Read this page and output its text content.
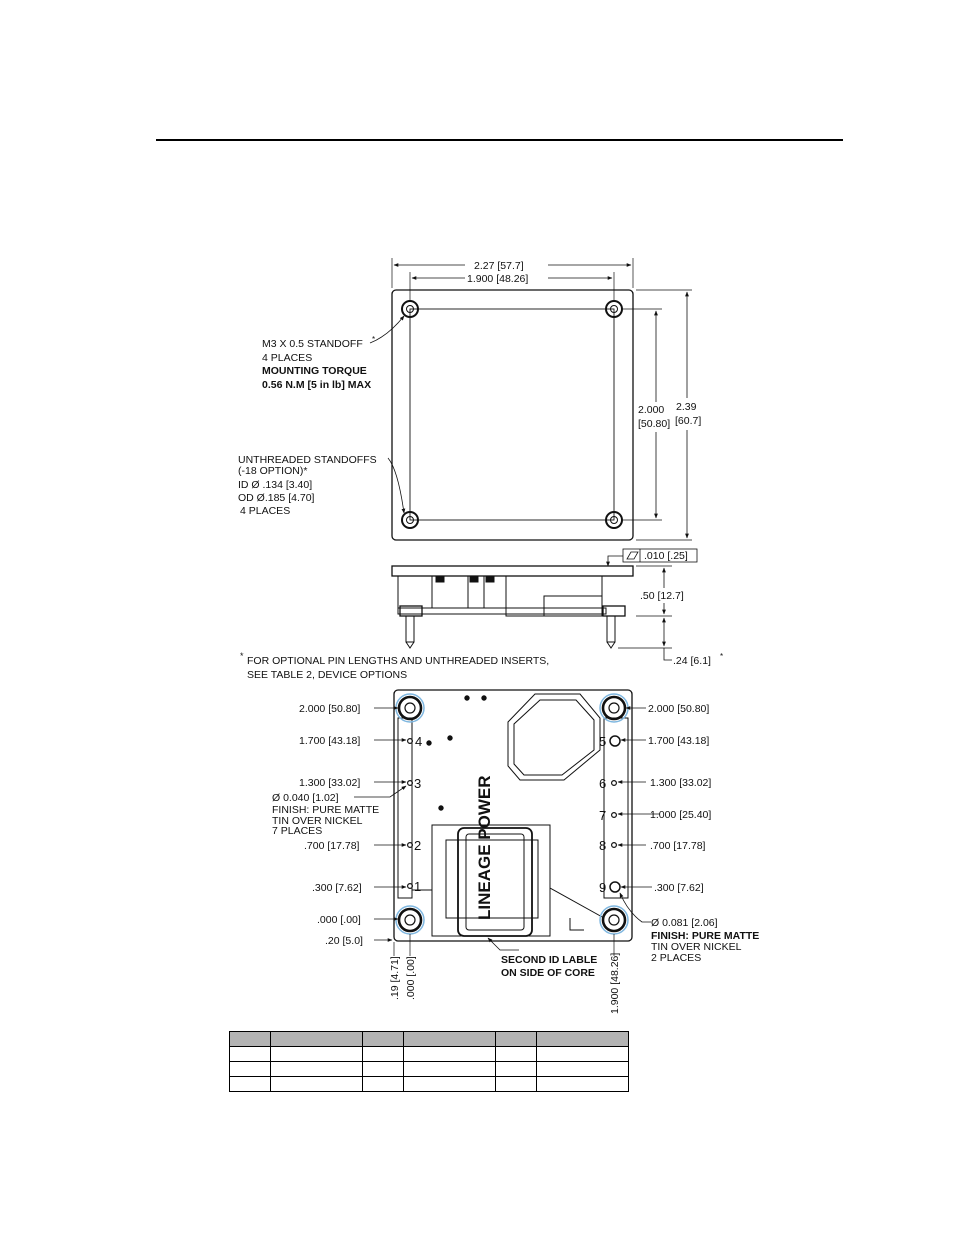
2.27 [57.7]
1.900 [48.26]
2.000
[50.80]
2.39
[60.7]
M3 X 0.5 STANDOFF *
4 PLACES
MOUNTING TORQUE
0.56 N.M [5 in lb] MAX
UNTHREADED STANDOFFS
(-18 OPTION)*
ID Ø .134 [3.40]
OD Ø.185 [4.70]
4 PLACES
.010 [.25]
.50 [12.7]
.24 [6.1] *
* FOR OPTIONAL PIN LENGTHS AND UNTHREADED INSERTS,
SEE TABLE 2, DEVICE OPTIONS
LINEAGE POWER
2.000 [50.80]
1.700 [43.18]
1.300 [33.02]
.700 [17.78]
.300 [7.62]
.000 [.00]
.20 [5.0]
2.000 [50.80]
1.700 [43.18]
1.300 [33.02]
1.000 [25.40]
.700 [17.78]
.300 [7.62]
1
2
3
4	5
6
7
8
9
Ø 0.040 [1.02]
FINISH: PURE MATTE
TIN OVER NICKEL
7 PLACES
Ø 0.081 [2.06]
FINISH: PURE MATTE
TIN OVER NICKEL
2 PLACES
SECOND ID LABLE
ON SIDE OF CORE
.19 [4.71] .000 [.00]	1.900 [48.26]
